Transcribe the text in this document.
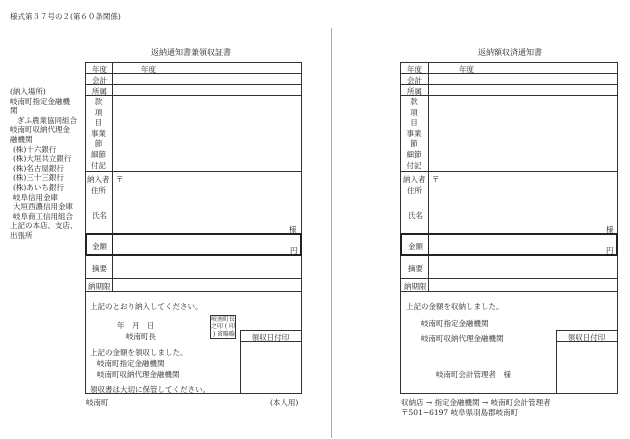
様式第３７号の２(第６０条関係)
返納通知書兼領収証書
(納入場所)
岐南町指定金融機
関
ぎふ農業協同組合
岐南町収納代理金
融機関
(株)十六銀行
(株)大垣共立銀行
(株)名古屋銀行
(株)三十三銀行
(株)あいち銀行
岐阜信用金庫
大垣西濃信用金庫
岐阜商工信用組合
上記の本店、支店、
出張所
年度	年度
会計
所属
款
項
目
事業
節
細節
付記
納入者
住所
〒
氏名
様
金額	円
摘要
納期限
上記のとおり納入してください。
年　月　日
岐南町長
岐 南 町 長
之 印 ( 印
) 省 略 略	領収日付印
上記の金額を領収しました。
岐南町指定金融機関
岐南町収納代理金融機関
領収書は大切に保管してください。
岐南町	(本人用)
返納額収済通知書
年度	年度
会計
所属
款
項
目
事業
節
細節
付記
納入者
住所
〒
氏名
様
金額	円
摘要
納期限
上記の金額を収納しました。
岐南町指定金融機関
岐南町収納代理金融機関	領収日付印
岐南町会計管理者　様
収納店 → 指定金融機関 → 岐南町会計管理者
〒501−6197 岐阜県羽島郡岐南町
